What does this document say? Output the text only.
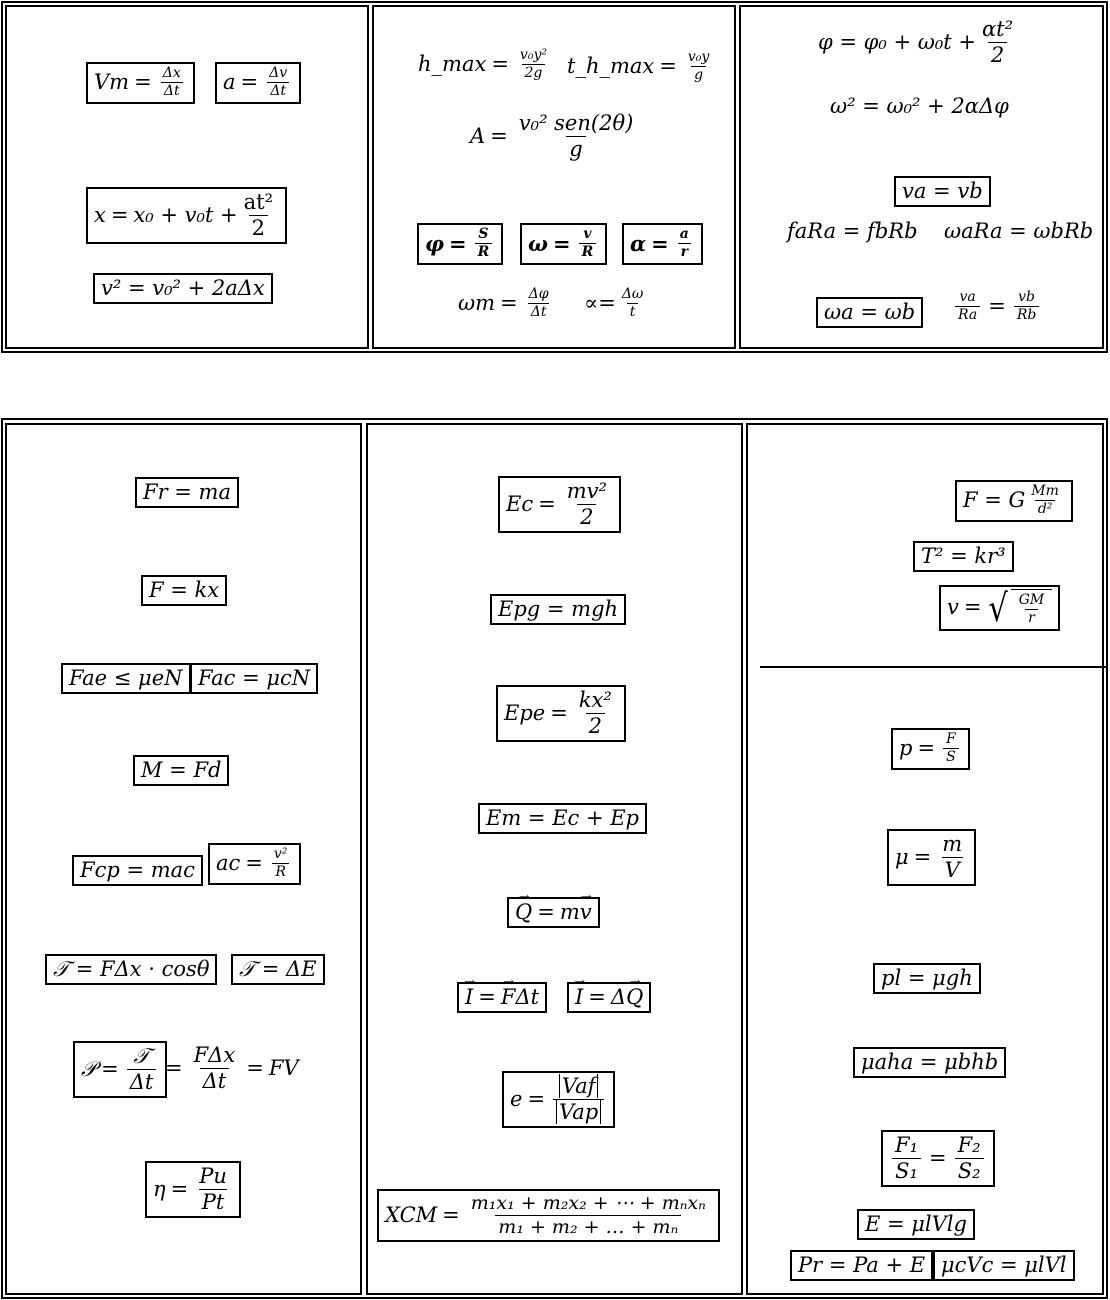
$Vm = \frac{\Delta x}{\Delta t}$ $a = \frac{\Delta v}{\Delta t}$
$x = x_0 + v_0t + \frac{\text{at²}}{2}$
v² = v₀² + 2aΔx
h_max = $\frac{\text{v₀y²}}{2g}$ t_h_max = $\frac{\text{v₀y}}{g}$
$A = \frac{\text{v₀² sen(2θ)}}{g}$
$\varphi = \frac{S}{R}$ $\omega = \frac{v}{R}$ $\alpha = \frac{a}{r}$
$\omega m = \frac{\Delta\varphi}{\Delta t} \propto= \frac{\Delta\omega}{t}$
$\varphi = \varphi_0 + \omega_0t + \frac{\text{αt²}}{2}$
ω² = ω₀² + 2αΔφ
va = vb
faRa = fbRb ωaRa = ωbRb
ωa = ωb	$\frac{va}{Ra} = \frac{vb}{Rb}$
Fr = ma
F = kx
Fae ≤ μeN Fac = μcN
M = Fd
Fcp = mac	ac = $\frac{\text{v²}}{R}$
𝒯 = FΔx · cosθ	𝒯 = ΔE
𝒫 = $\frac{\text{𝒯}}{\Delta t} = \frac{\text{FΔx}}{\Delta t}$ = FV
$\eta = \frac{Pu}{Pt}$
$Ec = \frac{\text{mv²}}{2}$
Epg = mgh
Epe = $\frac{\text{kx²}}{2}$
Em = Ec + Ep
Q → = m v →
I → = F → Δt	I → = Δ Q →
$e = \frac{\text{Vaf}}{\text{Vap}}$
XCM = $\frac{\text{m₁x₁ + m₂x₂ + ⋯ + mₙxₙ}}{\text{m₁ + m₂ + … + mₙ}}$
F = G $\frac{Mm}{\text{d²}}$
T² = kr³
v = √ $\frac{GM}{r}$
$p = \frac{F}{S}$
$\mu = \frac{m}{V}$
pl = μgh
μaha = μbhb
$\frac{\text{F₁}}{\text{S₁}} = \frac{\text{F₂}}{\text{S₂}}$
E = μlVlg
Pr = Pa + E μcVc = μlVl
